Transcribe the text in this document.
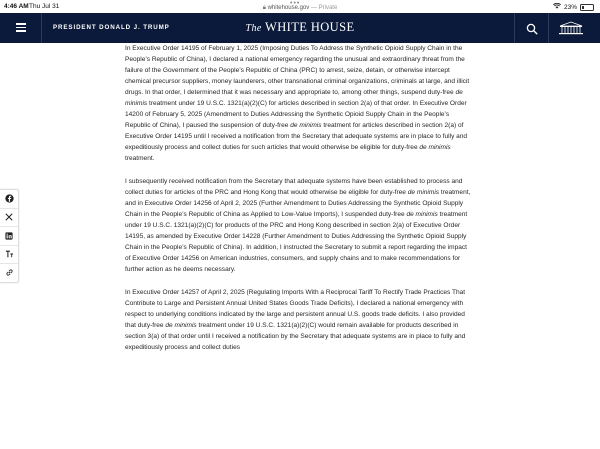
4:46 AM Thu Jul 31	•••
🔒︎ whitehouse.gov — Private	23%
PRESIDENT DONALD J. TRUMP	The WHITE HOUSE

In Executive Order 14195 of February 1, 2025 (Imposing Duties To Address the Synthetic Opioid Supply Chain in the People’s Republic of China), I declared a national emergency regarding the unusual and extraordinary threat from the failure of the Government of the People’s Republic of China (PRC) to arrest, seize, detain, or otherwise intercept chemical precursor suppliers, money launderers, other transnational criminal organizations, criminals at large, and illicit drugs. In that order, I determined that it was necessary and appropriate to, among other things, suspend duty-free de minimis treatment under 19 U.S.C. 1321(a)(2)(C) for articles described in section 2(a) of that order. In Executive Order 14200 of February 5, 2025 (Amendment to Duties Addressing the Synthetic Opioid Supply Chain in the People’s Republic of China), I paused the suspension of duty-free de minimis treatment for articles described in section 2(a) of Executive Order 14195 until I received a notification from the Secretary that adequate systems are in place to fully and expeditiously process and collect duties for such articles that would otherwise be eligible for duty-free de minimis treatment.

I subsequently received notification from the Secretary that adequate systems have been established to process and collect duties for articles of the PRC and Hong Kong that would otherwise be eligible for duty-free de minimis treatment, and in Executive Order 14256 of April 2, 2025 (Further Amendment to Duties Addressing the Synthetic Opioid Supply Chain in the People’s Republic of China as Applied to Low-Value Imports), I suspended duty-free de minimis treatment under 19 U.S.C. 1321(a)(2)(C) for products of the PRC and Hong Kong described in section 2(a) of Executive Order 14195, as amended by Executive Order 14228 (Further Amendment to Duties Addressing the Synthetic Opioid Supply Chain in the People’s Republic of China). In addition, I instructed the Secretary to submit a report regarding the impact of Executive Order 14256 on American industries, consumers, and supply chains and to make recommendations for further action as he deems necessary.

In Executive Order 14257 of April 2, 2025 (Regulating Imports With a Reciprocal Tariff To Rectify Trade Practices That Contribute to Large and Persistent Annual United States Goods Trade Deficits), I declared a national emergency with respect to underlying conditions indicated by the large and persistent annual U.S. goods trade deficits. I also provided that duty-free de minimis treatment under 19 U.S.C. 1321(a)(2)(C) would remain available for products described in section 3(a) of that order until I received a notification by the Secretary that adequate systems are in place to fully and expeditiously process and collect duties
